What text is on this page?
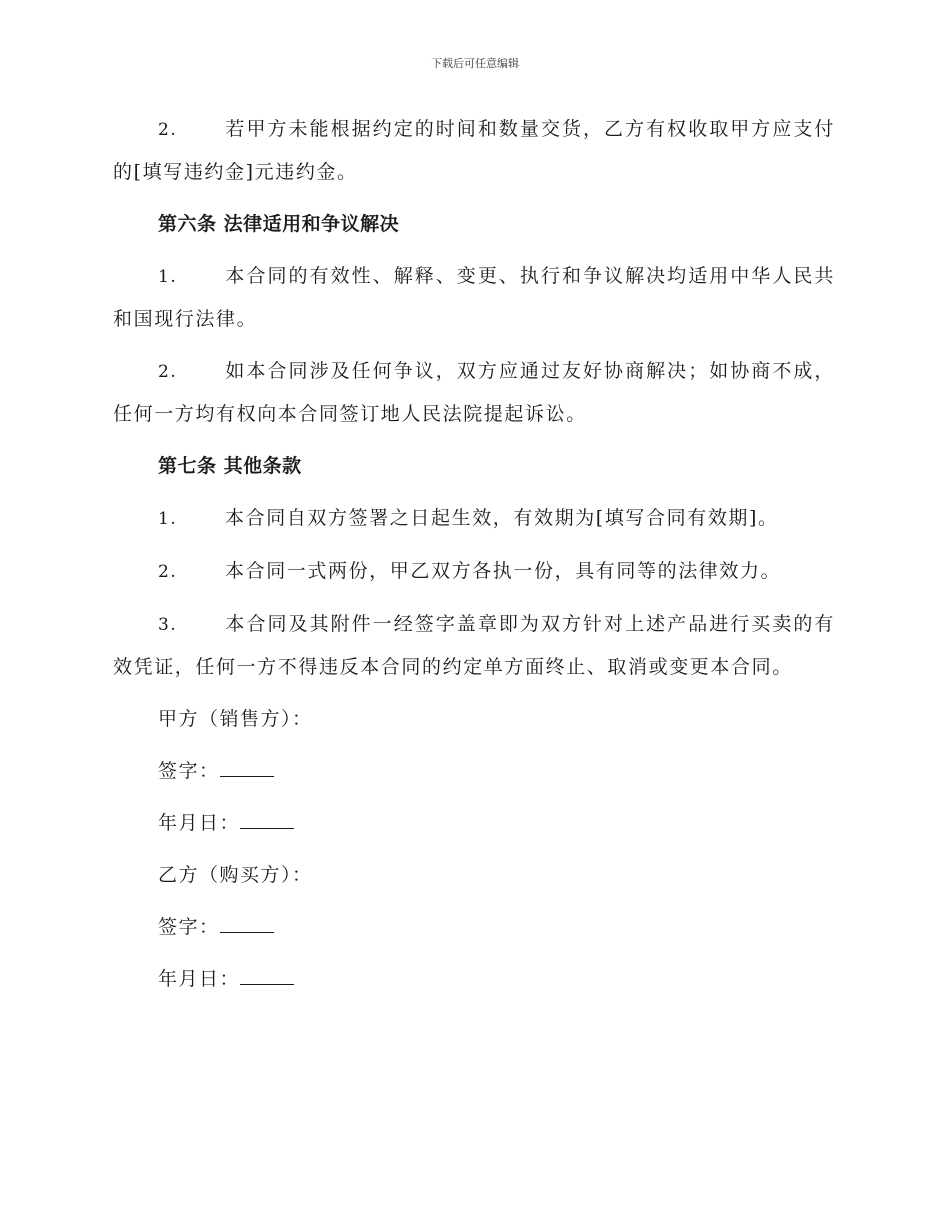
下载后可任意编辑

2.	若甲方未能根据约定的时间和数量交货，乙方有权收取甲方应支付的[填写违约金]元违约金。

第六条 法律适用和争议解决

1.	本合同的有效性、解释、变更、执行和争议解决均适用中华人民共和国现行法律。

2.	如本合同涉及任何争议，双方应通过友好协商解决；如协商不成，任何一方均有权向本合同签订地人民法院提起诉讼。

第七条 其他条款

1.	本合同自双方签署之日起生效，有效期为[填写合同有效期]。

2.	本合同一式两份，甲乙双方各执一份，具有同等的法律效力。

3.	本合同及其附件一经签字盖章即为双方针对上述产品进行买卖的有效凭证，任何一方不得违反本合同的约定单方面终止、取消或变更本合同。

甲方（销售方）：

签字：

年月日：

乙方（购买方）：

签字：

年月日：
